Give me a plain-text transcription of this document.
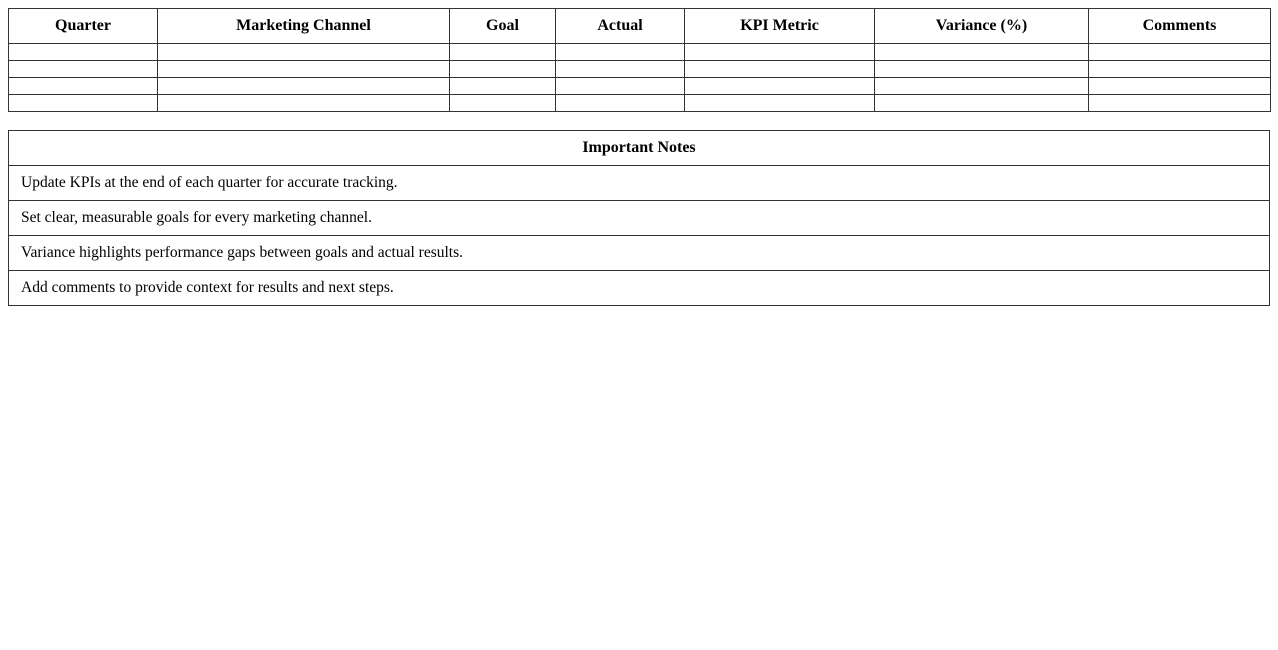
Quarter	Marketing Channel	Goal	Actual	KPI Metric	Variance (%)	Comments

Important Notes
Update KPIs at the end of each quarter for accurate tracking.
Set clear, measurable goals for every marketing channel.
Variance highlights performance gaps between goals and actual results.
Add comments to provide context for results and next steps.
